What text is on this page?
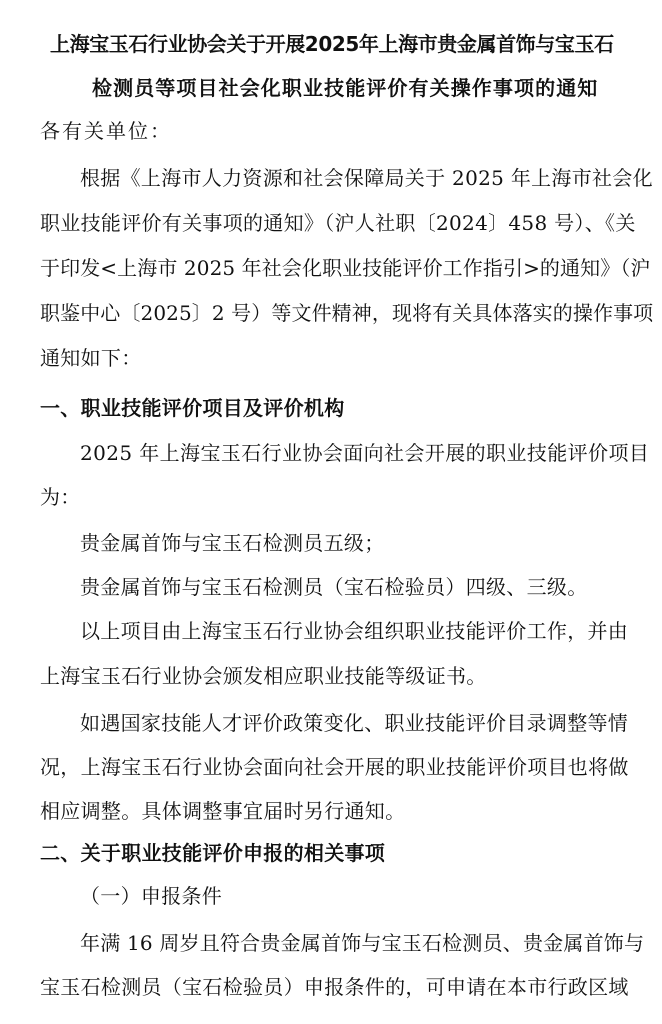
上海宝玉石行业协会关于开展2025年上海市贵金属首饰与宝玉石
检测员等项目社会化职业技能评价有关操作事项的通知
各有关单位：
根据《上海市人力资源和社会保障局关于 2025 年上海市社会化
职业技能评价有关事项的通知》（沪人社职〔2024〕458 号）、《关
于印发<上海市 2025 年社会化职业技能评价工作指引>的通知》（沪
职鉴中心〔2025〕2 号）等文件精神，现将有关具体落实的操作事项
通知如下：
一、职业技能评价项目及评价机构
2025 年上海宝玉石行业协会面向社会开展的职业技能评价项目
为：
贵金属首饰与宝玉石检测员五级；
贵金属首饰与宝玉石检测员（宝石检验员）四级、三级。
以上项目由上海宝玉石行业协会组织职业技能评价工作，并由
上海宝玉石行业协会颁发相应职业技能等级证书。
如遇国家技能人才评价政策变化、职业技能评价目录调整等情
况，上海宝玉石行业协会面向社会开展的职业技能评价项目也将做
相应调整。具体调整事宜届时另行通知。
二、关于职业技能评价申报的相关事项
（一）申报条件
年满 16 周岁且符合贵金属首饰与宝玉石检测员、贵金属首饰与
宝玉石检测员（宝石检验员）申报条件的，可申请在本市行政区域
